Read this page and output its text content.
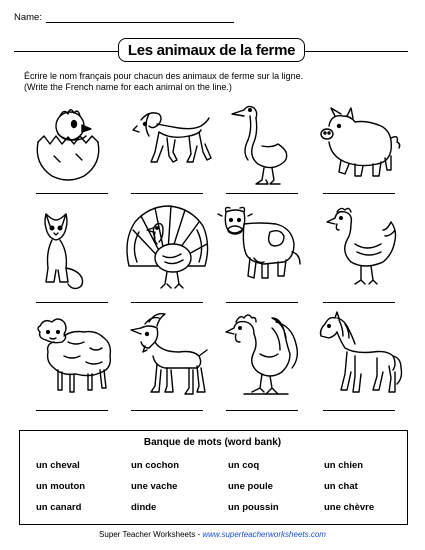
Name:
Les animaux de la ferme
Écrire le nom français pour chacun des animaux de ferme sur la ligne.
(Write the French name for each animal on the line.)
Banque de mots (word bank)
un cheval	un cochon	un coq	un chien
un mouton	une vache	une poule	un chat
un canard	dinde	un poussin	une chèvre
Super Teacher Worksheets - www.superteacherworksheets.com
